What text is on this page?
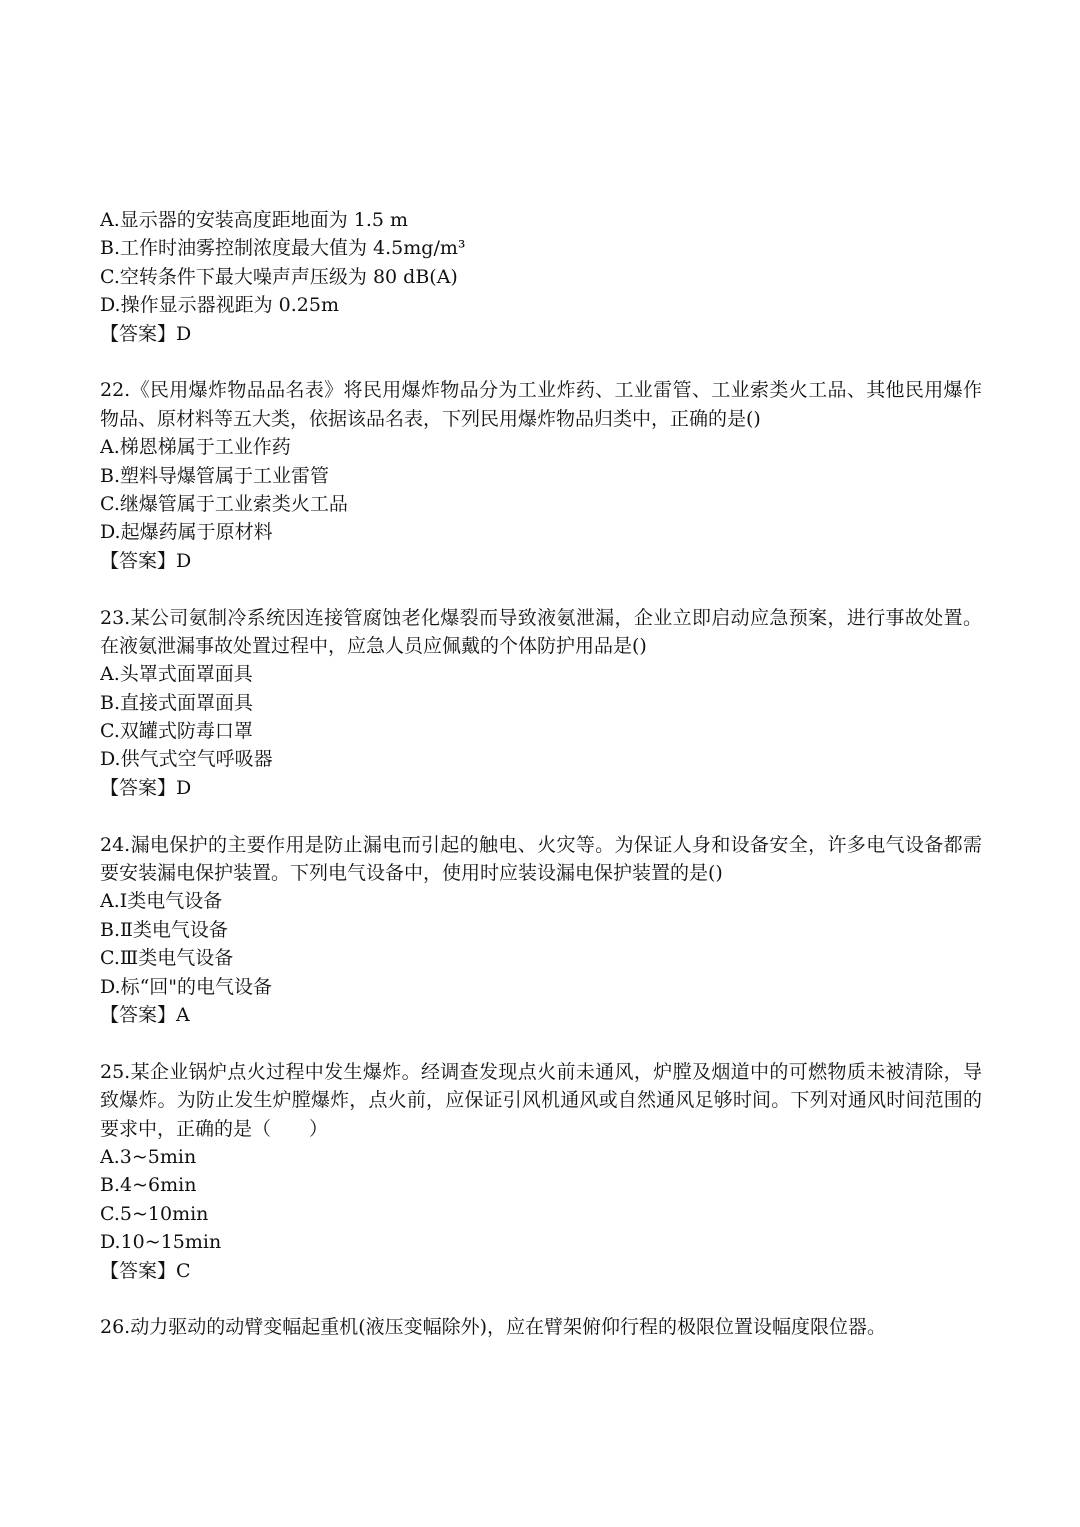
A.显示器的安装高度距地面为 1.5 m
B.工作时油雾控制浓度最大值为 4.5mg/m³
C.空转条件下最大噪声声压级为 80 dB(A)
D.操作显示器视距为 0.25m
【答案】D
22.《民用爆炸物品品名表》将民用爆炸物品分为工业炸药、工业雷管、工业索类火工品、其他民用爆作物品、原材料等五大类，依据该品名表，下列民用爆炸物品归类中，正确的是()
A.梯恩梯属于工业作药
B.塑料导爆管属于工业雷管
C.继爆管属于工业索类火工品
D.起爆药属于原材料
【答案】D
23.某公司氨制冷系统因连接管腐蚀老化爆裂而导致液氨泄漏，企业立即启动应急预案，进行事故处置。在液氨泄漏事故处置过程中，应急人员应佩戴的个体防护用品是()
A.头罩式面罩面具
B.直接式面罩面具
C.双罐式防毒口罩
D.供气式空气呼吸器
【答案】D
24.漏电保护的主要作用是防止漏电而引起的触电、火灾等。为保证人身和设备安全，许多电气设备都需要安装漏电保护装置。下列电气设备中，使用时应装设漏电保护装置的是()
A.Ⅰ类电气设备
B.Ⅱ类电气设备
C.Ⅲ类电气设备
D.标“回"的电气设备
【答案】A
25.某企业锅炉点火过程中发生爆炸。经调查发现点火前未通风，炉膛及烟道中的可燃物质未被清除，导致爆炸。为防止发生炉膛爆炸，点火前，应保证引风机通风或自然通风足够时间。下列对通风时间范围的要求中，正确的是（　　）
A.3~5min
B.4~6min
C.5~10min
D.10~15min
【答案】C
26.动力驱动的动臂变幅起重机(液压变幅除外)，应在臂架俯仰行程的极限位置设幅度限位器。
